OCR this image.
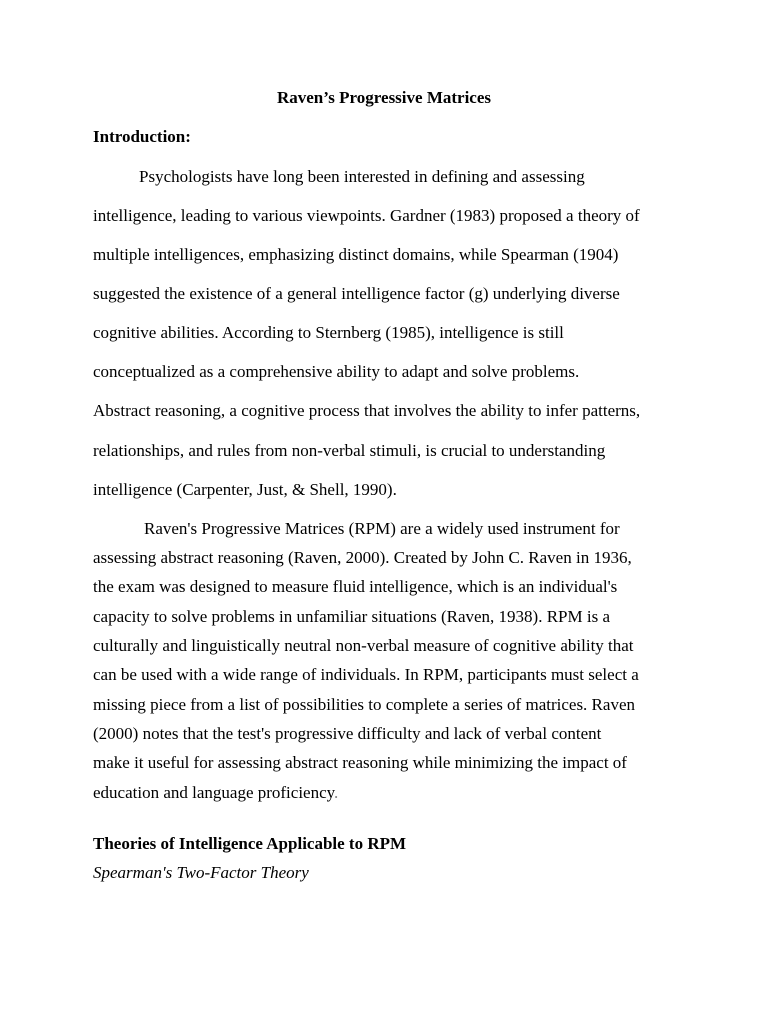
Raven’s Progressive Matrices
Introduction:
Psychologists have long been interested in defining and assessing
intelligence, leading to various viewpoints. Gardner (1983) proposed a theory of
multiple intelligences, emphasizing distinct domains, while Spearman (1904)
suggested the existence of a general intelligence factor (g) underlying diverse
cognitive abilities. According to Sternberg (1985), intelligence is still
conceptualized as a comprehensive ability to adapt and solve problems.
Abstract reasoning, a cognitive process that involves the ability to infer patterns,
relationships, and rules from non-verbal stimuli, is crucial to understanding
intelligence (Carpenter, Just, & Shell, 1990).
Raven's Progressive Matrices (RPM) are a widely used instrument for
assessing abstract reasoning (Raven, 2000). Created by John C. Raven in 1936,
the exam was designed to measure fluid intelligence, which is an individual's
capacity to solve problems in unfamiliar situations (Raven, 1938). RPM is a
culturally and linguistically neutral non-verbal measure of cognitive ability that
can be used with a wide range of individuals. In RPM, participants must select a
missing piece from a list of possibilities to complete a series of matrices. Raven
(2000) notes that the test's progressive difficulty and lack of verbal content
make it useful for assessing abstract reasoning while minimizing the impact of
education and language proficiency.
Theories of Intelligence Applicable to RPM
Spearman's Two-Factor Theory
